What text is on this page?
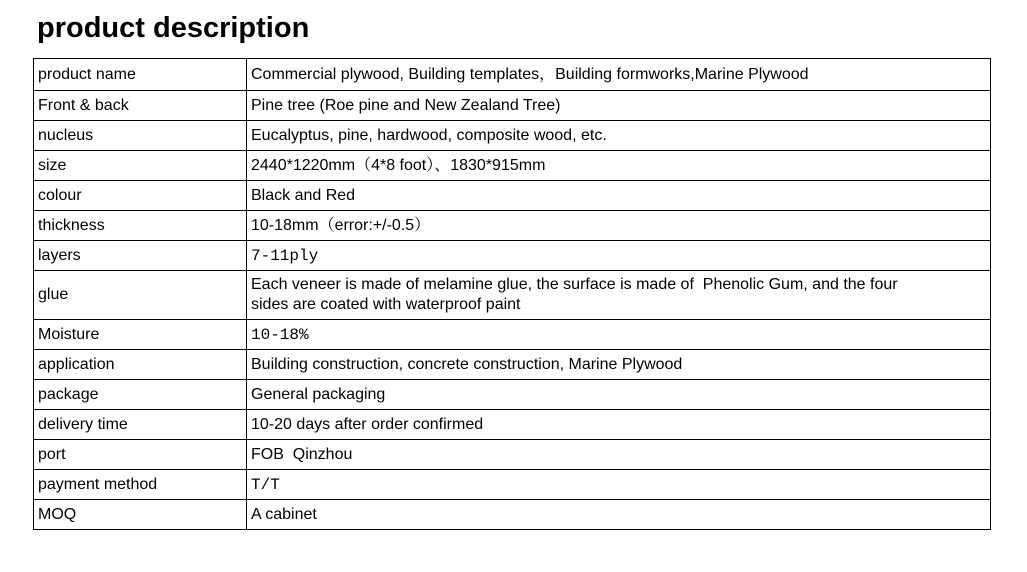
product description
product name	Commercial plywood, Building templates，Building formworks,Marine Plywood
Front & back	Pine tree (Roe pine and New Zealand Tree)
nucleus	Eucalyptus, pine, hardwood, composite wood, etc.
size	2440*1220mm（4*8 foot）、1830*915mm
colour	Black and Red
thickness	10-18mm（error:+/-0.5）
layers	7-11ply
glue	Each veneer is made of melamine glue, the surface is made of  Phenolic Gum, and the four sides are coated with waterproof paint
Moisture	10-18%
application	Building construction, concrete construction, Marine Plywood
package	General packaging
delivery time	10-20 days after order confirmed
port	FOB  Qinzhou
payment method	T/T
MOQ	A cabinet
